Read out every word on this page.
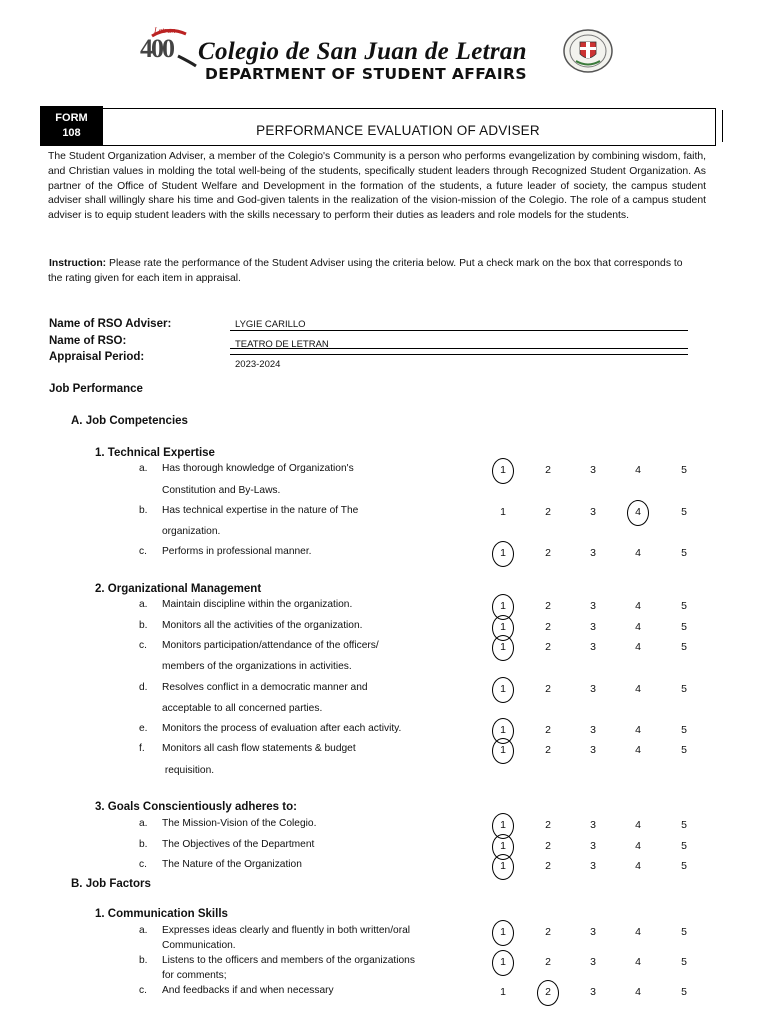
Letran
400 Colegio de San Juan de Letran
DEPARTMENT OF STUDENT AFFAIRS
FORM
108	PERFORMANCE EVALUATION OF ADVISER
The Student Organization Adviser, a member of the Colegio's Community is a person who performs evangelization by combining wisdom, faith, and Christian values in molding the total well-being of the students, specifically student leaders through Recognized Student Organization. As partner of the Office of Student Welfare and Development in the formation of the students, a future leader of society, the campus student adviser shall willingly share his time and God-given talents in the realization of the vision-mission of the Colegio. The role of a campus student adviser is to equip student leaders with the skills necessary to perform their duties as leaders and role models for the students.
Instruction: Please rate the performance of the Student Adviser using the criteria below. Put a check mark on the box that corresponds to the rating given for each item in appraisal.
Name of RSO Adviser:	LYGIE CARILLO
Name of RSO:	TEATRO DE LETRAN
Appraisal Period:
2023-2024
Job Performance
A. Job Competencies
B. Job Factors
1. Technical Expertise
a. Has thorough knowledge of Organization's
Constitution and By-Laws.
1	2	3	4	5
b. Has technical expertise in the nature of The
organization.
1	2	3	4	5
c. Performs in professional manner.	1	2	3	4	5
2. Organizational Management
a. Maintain discipline within the organization.	1	2	3	4	5
b. Monitors all the activities of the organization.	1	2	3	4	5
c. Monitors participation/attendance of the officers/
members of the organizations in activities.
1	2	3	4	5
d. Resolves conflict in a democratic manner and
acceptable to all concerned parties.
1	2	3	4	5
e. Monitors the process of evaluation after each activity.	1	2	3	4	5
f. Monitors all cash flow statements & budget
requisition.
1	2	3	4	5
3. Goals Conscientiously adheres to:
a. The Mission-Vision of the Colegio.	1	2	3	4	5
b. The Objectives of the Department	1	2	3	4	5
c. The Nature of the Organization	1	2	3	4	5
1. Communication Skills
a. Expresses ideas clearly and fluently in both written/oral
Communication.
1	2	3	4	5
b. Listens to the officers and members of the organizations
for comments;
1	2	3	4	5
c. And feedbacks if and when necessary	1	2	3	4	5
